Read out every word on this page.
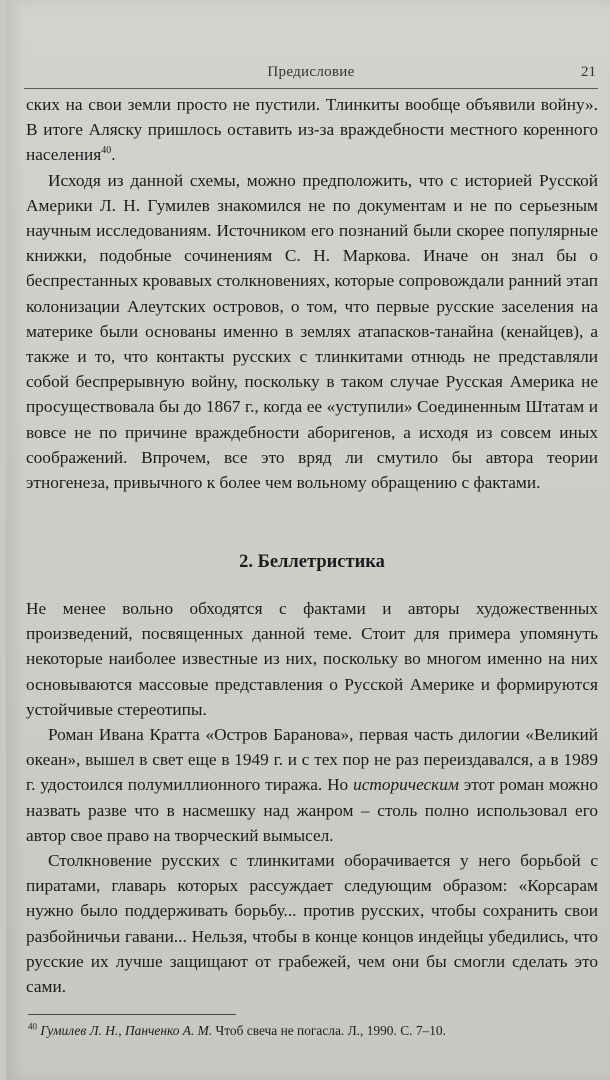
Предисловие	21

ских на свои земли просто не пустили. Тлинкиты вообще объявили войну». В итоге Аляску пришлось оставить из-за враждебности местного коренного населения$^{40}$.

Исходя из данной схемы, можно предположить, что с историей Русской Америки Л. Н. Гумилев знакомился не по документам и не по серьезным научным исследованиям. Источником его познаний были скорее популярные книжки, подобные сочинениям С. Н. Маркова. Иначе он знал бы о беспрестанных кровавых столкновениях, которые сопровождали ранний этап колонизации Алеутских островов, о том, что первые русские заселения на материке были основаны именно в землях атапасков-танайна (кенайцев), а также и то, что контакты русских с тлинкитами отнюдь не представляли собой беспрерывную войну, поскольку в таком случае Русская Америка не просуществовала бы до 1867 г., когда ее «уступили» Соединенным Штатам и вовсе не по причине враждебности аборигенов, а исходя из совсем иных соображений. Впрочем, все это вряд ли смутило бы автора теории этногенеза, привычного к более чем вольному обращению с фактами.

2. Беллетристика

Не менее вольно обходятся с фактами и авторы художественных произведений, посвященных данной теме. Стоит для примера упомянуть некоторые наиболее известные из них, поскольку во многом именно на них основываются массовые представления о Русской Америке и формируются устойчивые стереотипы.

Роман Ивана Кратта «Остров Баранова», первая часть дилогии «Великий океан», вышел в свет еще в 1949 г. и с тех пор не раз переиздавался, а в 1989 г. удостоился полумиллионного тиража. Но историческим этот роман можно назвать разве что в насмешку над жанром – столь полно использовал его автор свое право на творческий вымысел.

Столкновение русских с тлинкитами оборачивается у него борьбой с пиратами, главарь которых рассуждает следующим образом: «Корсарам нужно было поддерживать борьбу... против русских, чтобы сохранить свои разбойничьи гавани... Нельзя, чтобы в конце концов индейцы убедились, что русские их лучше защищают от грабежей, чем они бы смогли сделать это сами.

$^{40}$ Гумилев Л. Н., Панченко А. М. Чтоб свеча не погасла. Л., 1990. С. 7–10.
